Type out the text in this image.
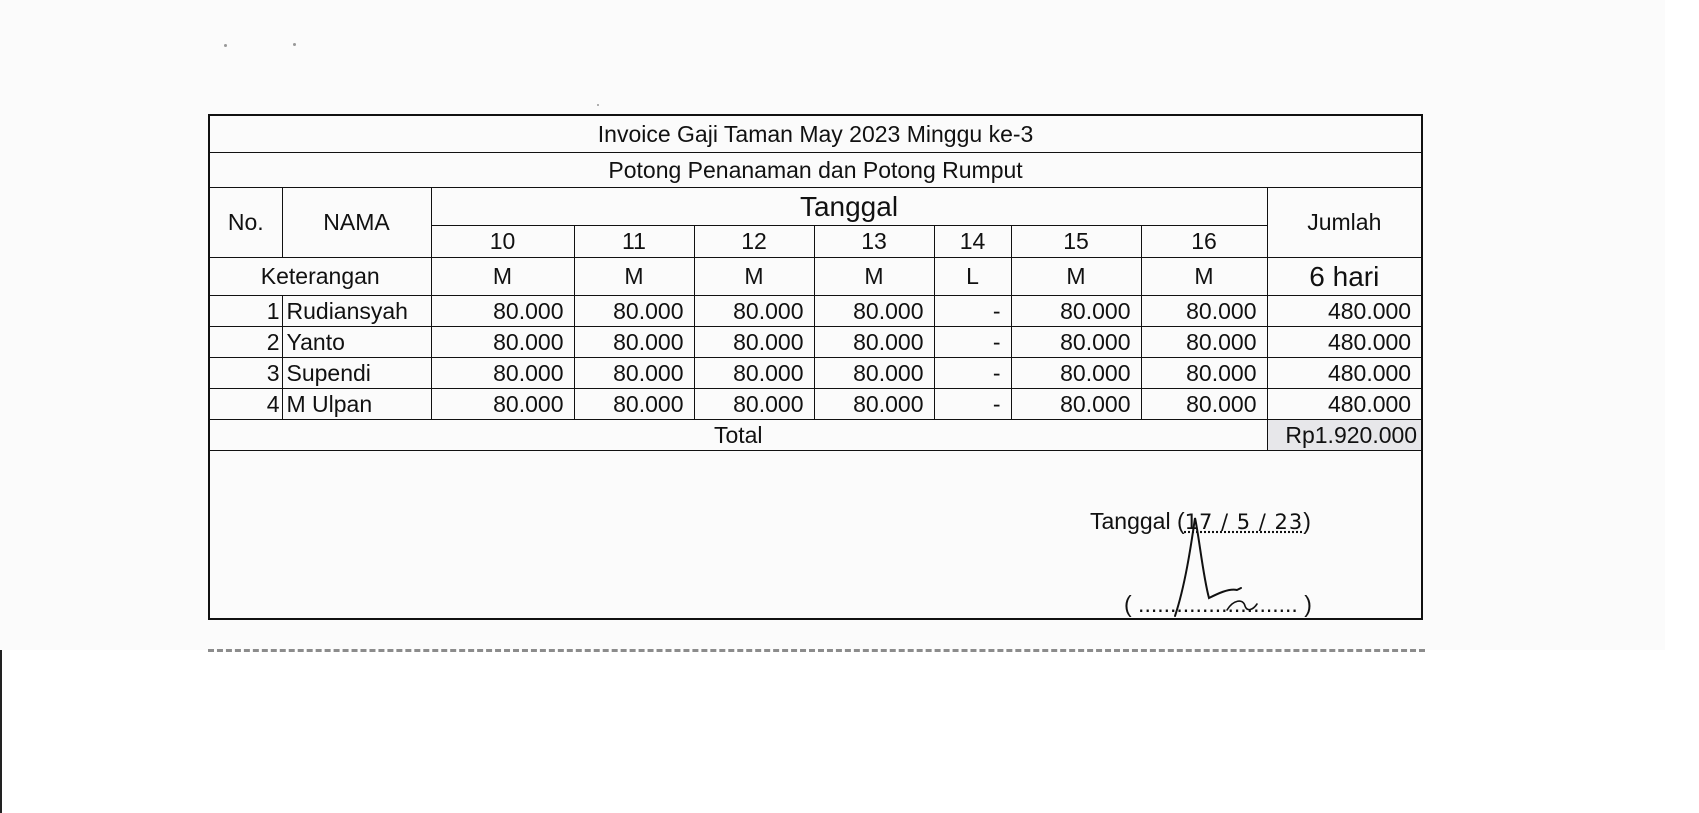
Invoice Gaji Taman May 2023 Minggu ke-3									
Potong Penanaman dan Potong Rumput									
No.	NAMA	Tanggal							Jumlah
		10	11	12	13	14	15	16	
Keterangan		M	M	M	M	L	M	M	6 hari
1	Rudiansyah	80.000	80.000	80.000	80.000	-	80.000	80.000	480.000
2	Yanto	80.000	80.000	80.000	80.000	-	80.000	80.000	480.000
3	Supendi	80.000	80.000	80.000	80.000	-	80.000	80.000	480.000
4	M Ulpan	80.000	80.000	80.000	80.000	-	80.000	80.000	480.000
Total									Rp1.920.000
Tanggal (17 / 5 / 23)
( ......................... )
